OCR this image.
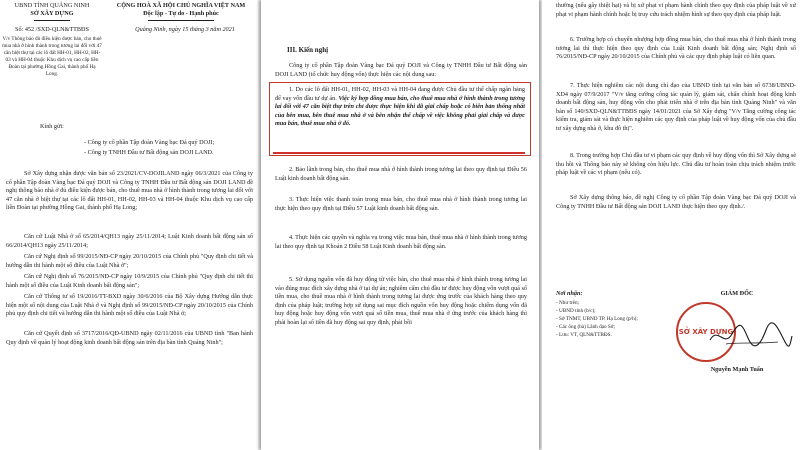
UBND TỈNH QUẢNG NINH

SỞ XÂY DỰNG

Số: 452 /SXD-QLN&TTBĐS

V/v Thông báo đủ điều kiện được bán, cho thuê mua nhà ở hình thành trong tương lai đối với 47 căn biệt thự tại các lô đất HH-01, HH-02, HH-03 và HH-04 thuộc Khu dịch vụ cao cấp liền Đoàn tại phường Hồng Gai, thành phố Hạ Long.

CỘNG HOÀ XÃ HỘI CHỦ NGHĨA VIỆT NAM

Độc lập - Tự do - Hạnh phúc

Quảng Ninh, ngày 15 tháng 3 năm 2021

Kính gửi:

- Công ty cổ phần Tập đoàn Vàng bạc Đá quý DOJI;

- Công ty TNHH Đầu tư Bất động sản DOJI LAND.

Sở Xây dựng nhận được văn bản số 23/2021/CV-DOJILAND ngày 06/3/2021 của Công ty cổ phần Tập đoàn Vàng bạc Đá quý DOJI và Công ty TNHH Đầu tư Bất động sản DOJI LAND đề nghị thông báo nhà ở đủ điều kiện được bán, cho thuê mua nhà ở hình thành trong tương lai đối với 47 căn nhà ở biệt thự tại các lô đất HH-01, HH-02, HH-03 và HH-04 thuộc Khu dịch vụ cao cấp liền Đoàn tại phường Hồng Gai, thành phố Hạ Long;

Căn cứ Luật Nhà ở số 65/2014/QH13 ngày 25/11/2014; Luật Kinh doanh bất động sản số 66/2014/QH13 ngày 25/11/2014;

Căn cứ Nghị định số 99/2015/NĐ-CP ngày 20/10/2015 của Chính phủ "Quy định chi tiết và hướng dẫn thi hành một số điều của Luật Nhà ở";

Căn cứ Nghị định số 76/2015/NĐ-CP ngày 10/9/2015 của Chính phủ "Quy định chi tiết thi hành một số điều của Luật Kinh doanh bất động sản";

Căn cứ Thông tư số 19/2016/TT-BXD ngày 30/6/2016 của Bộ Xây dựng Hướng dẫn thực hiện một số nội dung của Luật Nhà ở và Nghị định số 99/2015/NĐ-CP ngày 20/10/2015 của Chính phủ quy định chi tiết và hướng dẫn thi hành một số điều của Luật Nhà ở;

Căn cứ Quyết định số 3717/2016/QĐ-UBND ngày 02/11/2016 của UBND tỉnh "Ban hành Quy định về quản lý hoạt động kinh doanh bất động sản trên địa bàn tỉnh Quảng Ninh";

III. Kiến nghị

Công ty cổ phần Tập đoàn Vàng bạc Đá quý DOJI và Công ty TNHH Đầu tư Bất động sản DOJI LAND (tổ chức huy động vốn) thực hiện các nội dung sau:

1. Do các lô đất HH-01, HH-02, HH-03 và HH-04 đang được Chủ đầu tư thế chấp ngân hàng để vay vốn đầu tư dự án. Việc ký hợp đồng mua bán, cho thuê mua nhà ở hình thành trong tương lai đối với 47 căn biệt thự trên chỉ được thực hiện khi đã giải chấp hoặc có biên bản thống nhất của bên mua, bên thuê mua nhà ở và bên nhận thế chấp về việc không phải giải chấp và được mua bán, thuê mua nhà ở đó.

2. Bảo lãnh trong bán, cho thuê mua nhà ở hình thành trong tương lai theo quy định tại Điều 56 Luật kinh doanh bất động sản.

3. Thực hiện việc thanh toán trong mua bán, cho thuê mua nhà ở hình thành trong tương lai thực hiện theo quy định tại Điều 57 Luật kinh doanh bất động sản.

4. Thực hiện các quyền và nghĩa vụ trong việc mua bán, thuê mua nhà ở hình thành trong tương lai theo quy định tại Khoản 2 Điều 58 Luật Kinh doanh bất động sản.

5. Sử dụng nguồn vốn đã huy động từ việc bán, cho thuê mua nhà ở hình thành trong tương lai vào đúng mục đích xây dựng nhà ở tại dự án; nghiêm cấm chủ đầu tư được huy động vốn vượt quá số tiền mua, cho thuê mua nhà ở hình thành trong tương lai được ứng trước của khách hàng theo quy định của pháp luật; trường hợp sử dụng sai mục đích nguồn vốn huy động hoặc chiếm dụng vốn đã huy động hoặc huy động vốn vượt quá số tiền mua, thuê mua nhà ở ứng trước của khách hàng thì phải hoàn lại số tiền đã huy động sai quy định, phải bồi

thường (nếu gây thiệt hại) và bị xử phạt vi phạm hành chính theo quy định của pháp luật về xử phạt vi phạm hành chính hoặc bị truy cứu trách nhiệm hình sự theo quy định của pháp luật.

6. Trường hợp có chuyển nhượng hợp đồng mua bán, cho thuê mua nhà ở hình thành trong tương lai thì thực hiện theo quy định của Luật Kinh doanh bất động sản; Nghị định số 76/2015/NĐ-CP ngày 20/10/2015 của Chính phủ và các quy định pháp luật có liên quan.

7. Thực hiện nghiêm các nội dung chỉ đạo của UBND tỉnh tại văn bản số 6738/UBND-XD4 ngày 07/9/2017 "V/v tăng cường công tác quản lý, giám sát, chấn chỉnh hoạt động kinh doanh bất động sản, huy động vốn cho phát triển nhà ở trên địa bàn tỉnh Quảng Ninh" và văn bản số 140/SXD-QLN&TTBĐS ngày 14/01/2021 của Sở Xây dựng "V/v Tăng cường công tác kiểm tra, giám sát và thực hiện nghiêm các quy định của pháp luật về huy động vốn của chủ đầu tư xây dựng nhà ở, khu đô thị".

8. Trong trường hợp Chủ đầu tư vi phạm các quy định về huy động vốn thì Sở Xây dựng sẽ thu hồi và Thông báo này sẽ không còn hiệu lực. Chủ đầu tư hoàn toàn chịu trách nhiệm trước pháp luật về các vi phạm (nếu có).

Sở Xây dựng thông báo, đề nghị Công ty cổ phần Tập đoàn Vàng bạc Đá quý DOJI và Công ty TNHH Đầu tư Bất động sản DOJI LAND thực hiện theo quy định./.

Nơi nhận:

- Như trên;

- UBND tỉnh (b/c);

- Sở TNMT, UBND TP. Hạ Long (p/h);

- Các ông (bà) Lãnh đạo Sở;

- Lưu: VT, QLN&TTBĐS.

GIÁM ĐỐC

SỞ XÂY DỰNG

Nguyễn Mạnh Tuấn
